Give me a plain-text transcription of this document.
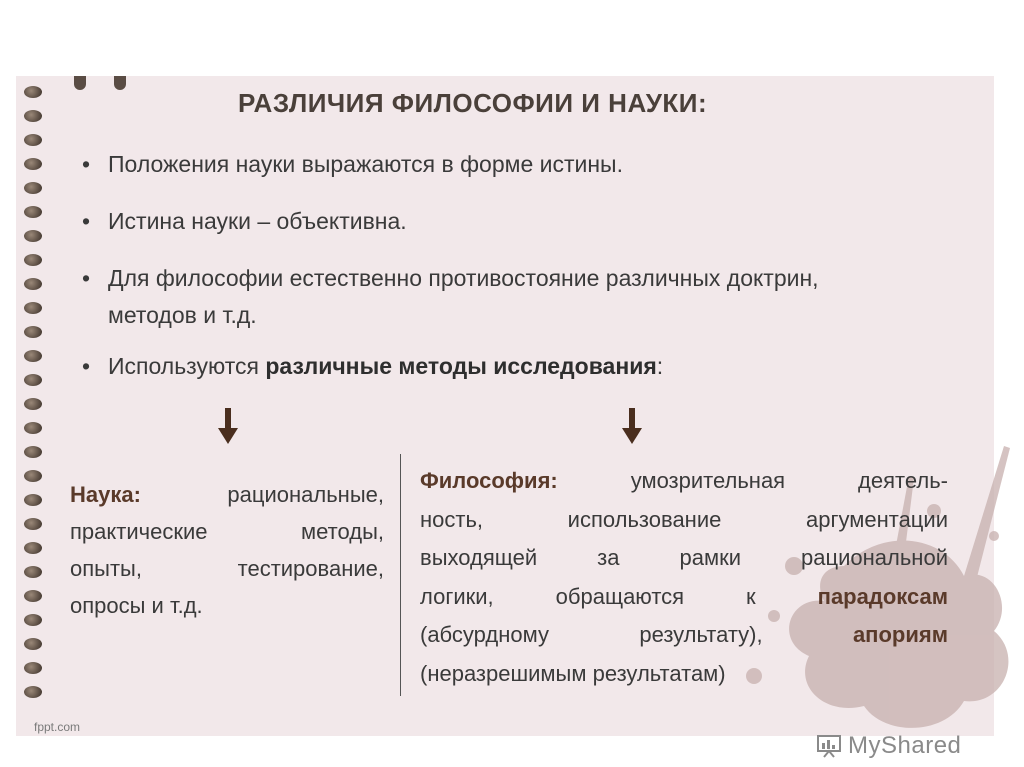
РАЗЛИЧИЯ ФИЛОСОФИИ И НАУКИ:
• Положения науки выражаются в форме истины.
• Истина науки – объективна.
• Для философии естественно противостояние различных доктрин,
методов и т.д.
• Используются различные методы исследования:
Наука:	рациональные,
практические	методы,
опыты,	тестирование,
опросы и т.д.
Философия:	умозрительная	деятель-
ность,	использование	аргументации
выходящей	за	рамки	рациональной
логики,	обращаются	к	парадоксам
(абсурдному	результату),	апориям
(неразрешимым результатам)
fppt.com
MyShared
